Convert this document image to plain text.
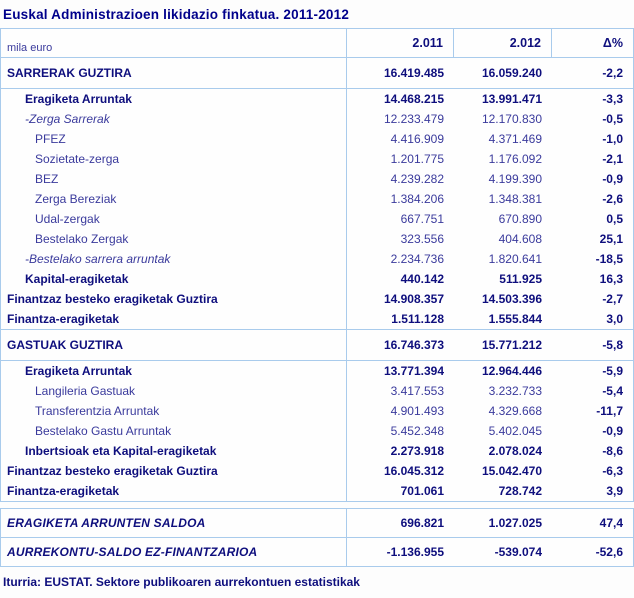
Euskal Administrazioen likidazio finkatua. 2011-2012
mila euro	2.011	2.012	Δ%
SARRERAK GUZTIRA	16.419.485	16.059.240	-2,2
Eragiketa Arruntak	14.468.215	13.991.471	-3,3
-Zerga Sarrerak	12.233.479	12.170.830	-0,5
PFEZ	4.416.909	4.371.469	-1,0
Sozietate-zerga	1.201.775	1.176.092	-2,1
BEZ	4.239.282	4.199.390	-0,9
Zerga Bereziak	1.384.206	1.348.381	-2,6
Udal-zergak	667.751	670.890	0,5
Bestelako Zergak	323.556	404.608	25,1
-Bestelako sarrera arruntak	2.234.736	1.820.641	-18,5
Kapital-eragiketak	440.142	511.925	16,3
Finantzaz besteko eragiketak Guztira	14.908.357	14.503.396	-2,7
Finantza-eragiketak	1.511.128	1.555.844	3,0
GASTUAK GUZTIRA	16.746.373	15.771.212	-5,8
Eragiketa Arruntak	13.771.394	12.964.446	-5,9
Langileria Gastuak	3.417.553	3.232.733	-5,4
Transferentzia Arruntak	4.901.493	4.329.668	-11,7
Bestelako Gastu Arruntak	5.452.348	5.402.045	-0,9
Inbertsioak eta Kapital-eragiketak	2.273.918	2.078.024	-8,6
Finantzaz besteko eragiketak Guztira	16.045.312	15.042.470	-6,3
Finantza-eragiketak	701.061	728.742	3,9
ERAGIKETA ARRUNTEN SALDOA	696.821	1.027.025	47,4
AURREKONTU-SALDO EZ-FINANTZARIOA	-1.136.955	-539.074	-52,6
Iturria: EUSTAT. Sektore publikoaren aurrekontuen estatistikak
